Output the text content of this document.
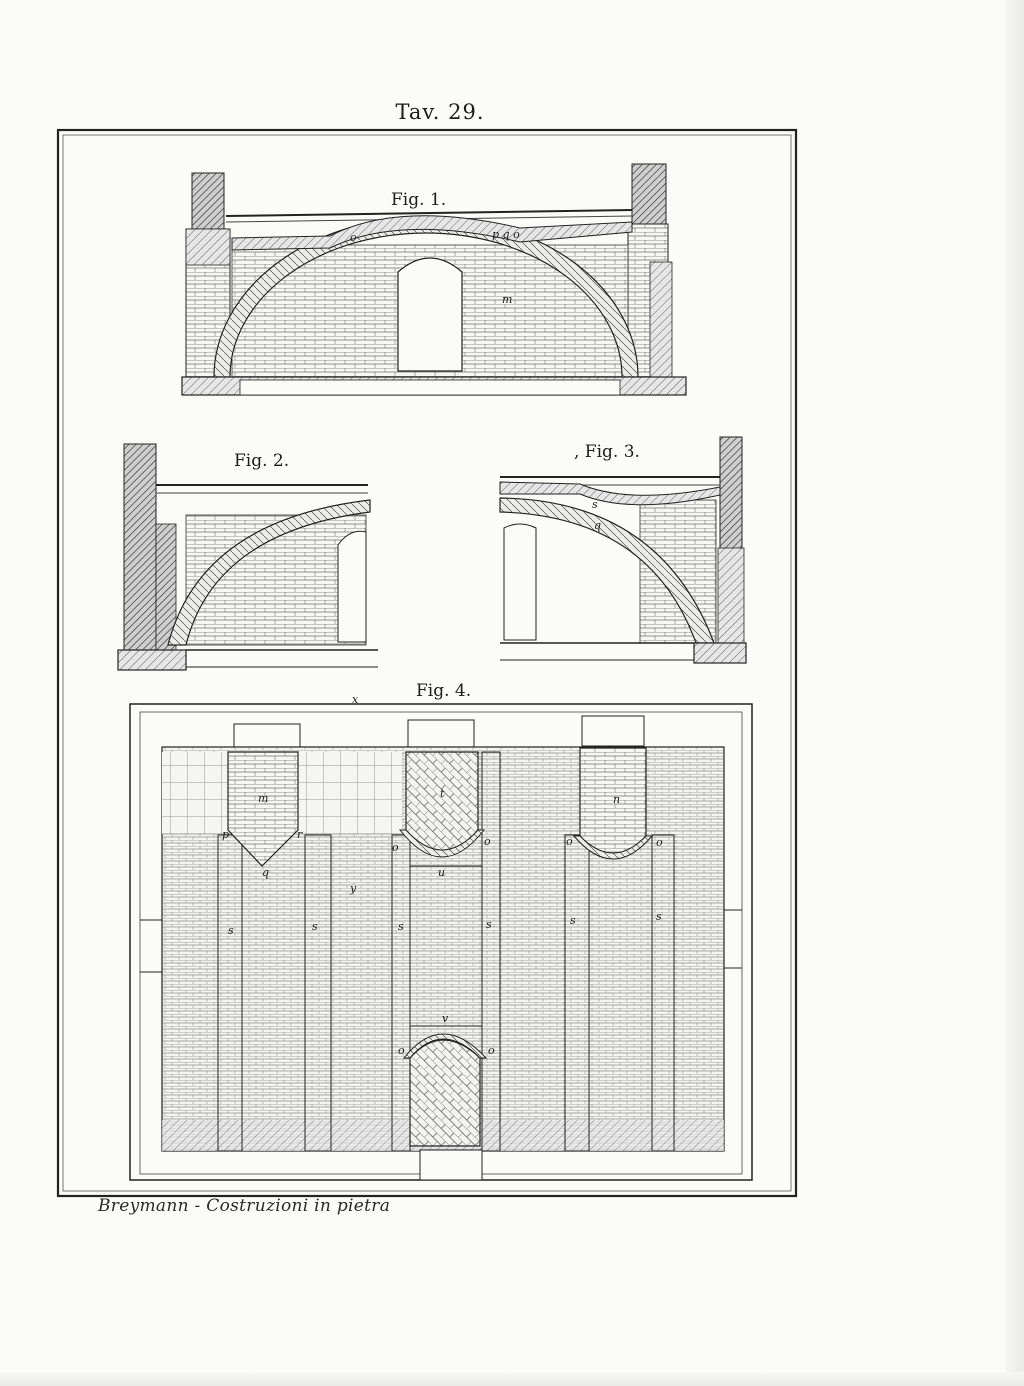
Tav. 29.
Fig. 1.
o	p q o
m
Fig. 2.	, Fig. 3.
s
q
Fig. 4.
x
m	t	n
p	r
q
o	o	o	o
u
y
s	s	s	s	s	s
v
o	o
Breymann - Costruzioni in pietra
